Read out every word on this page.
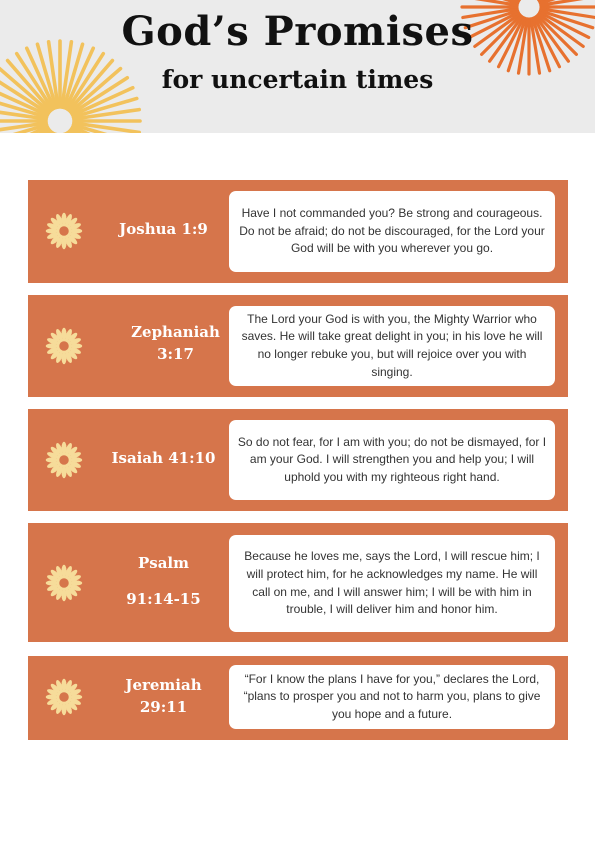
God’s Promises
for uncertain times
Joshua 1:9
Have I not commanded you? Be strong and courageous. Do not be afraid; do not be discouraged, for the Lord your God will be with you wherever you go.
Zephaniah 3:17
The Lord your God is with you, the Mighty Warrior who saves. He will take great delight in you; in his love he will no longer rebuke you, but will rejoice over you with singing.
Isaiah 41:10
So do not fear, for I am with you; do not be dismayed, for I am your God. I will strengthen you and help you; I will uphold you with my righteous right hand.
Psalm
91:14-15
Because he loves me, says the Lord, I will rescue him; I will protect him, for he acknowledges my name. He will call on me, and I will answer him; I will be with him in trouble, I will deliver him and honor him.
Jeremiah 29:11
“For I know the plans I have for you,” declares the Lord, “plans to prosper you and not to harm you, plans to give you hope and a future.
